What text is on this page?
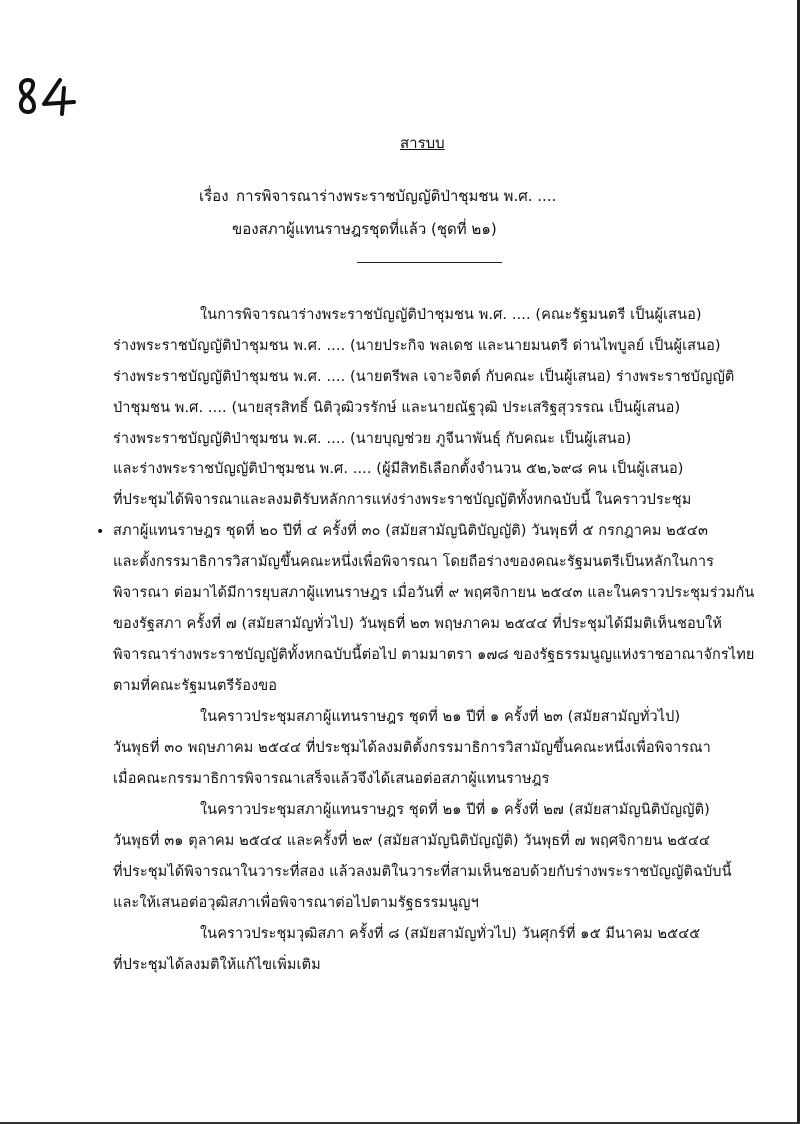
สารบบ
เรื่อง การพิจารณาร่างพระราชบัญญัติป่าชุมชน พ.ศ. ....
ของสภาผู้แทนราษฎรชุดที่แล้ว (ชุดที่ ๒๑)
ในการพิจารณาร่างพระราชบัญญัติป่าชุมชน พ.ศ. .... (คณะรัฐมนตรี เป็นผู้เสนอ)
ร่างพระราชบัญญัติป่าชุมชน พ.ศ. .... (นายประกิจ พลเดช และนายมนตรี ด่านไพบูลย์ เป็นผู้เสนอ)
ร่างพระราชบัญญัติป่าชุมชน พ.ศ. .... (นายตรีพล เจาะจิตต์ กับคณะ เป็นผู้เสนอ) ร่างพระราชบัญญัติ
ป่าชุมชน พ.ศ. .... (นายสุรสิทธิ์ นิติวุฒิวรรักษ์ และนายณัฐวุฒิ ประเสริฐสุวรรณ เป็นผู้เสนอ)
ร่างพระราชบัญญัติป่าชุมชน พ.ศ. .... (นายบุญช่วย ภูจีนาพันธุ์ กับคณะ เป็นผู้เสนอ)
และร่างพระราชบัญญัติป่าชุมชน พ.ศ. .... (ผู้มีสิทธิเลือกตั้งจำนวน ๕๒,๖๙๘ คน เป็นผู้เสนอ)
ที่ประชุมได้พิจารณาและลงมติรับหลักการแห่งร่างพระราชบัญญัติทั้งหกฉบับนี้ ในคราวประชุม
• สภาผู้แทนราษฎร ชุดที่ ๒๐ ปีที่ ๔ ครั้งที่ ๓๐ (สมัยสามัญนิติบัญญัติ) วันพุธที่ ๕ กรกฎาคม ๒๕๔๓
และตั้งกรรมาธิการวิสามัญขึ้นคณะหนึ่งเพื่อพิจารณา โดยถือร่างของคณะรัฐมนตรีเป็นหลักในการ
พิจารณา ต่อมาได้มีการยุบสภาผู้แทนราษฎร เมื่อวันที่ ๙ พฤศจิกายน ๒๕๔๓ และในคราวประชุมร่วมกัน
ของรัฐสภา ครั้งที่ ๗ (สมัยสามัญทั่วไป) วันพุธที่ ๒๓ พฤษภาคม ๒๕๔๔ ที่ประชุมได้มีมติเห็นชอบให้
พิจารณาร่างพระราชบัญญัติทั้งหกฉบับนี้ต่อไป ตามมาตรา ๑๗๘ ของรัฐธรรมนูญแห่งราชอาณาจักรไทย
ตามที่คณะรัฐมนตรีร้องขอ
ในคราวประชุมสภาผู้แทนราษฎร ชุดที่ ๒๑ ปีที่ ๑ ครั้งที่ ๒๓ (สมัยสามัญทั่วไป)
วันพุธที่ ๓๐ พฤษภาคม ๒๕๔๔ ที่ประชุมได้ลงมติตั้งกรรมาธิการวิสามัญขึ้นคณะหนึ่งเพื่อพิจารณา
เมื่อคณะกรรมาธิการพิจารณาเสร็จแล้วจึงได้เสนอต่อสภาผู้แทนราษฎร
ในคราวประชุมสภาผู้แทนราษฎร ชุดที่ ๒๑ ปีที่ ๑ ครั้งที่ ๒๗ (สมัยสามัญนิติบัญญัติ)
วันพุธที่ ๓๑ ตุลาคม ๒๕๔๔ และครั้งที่ ๒๙ (สมัยสามัญนิติบัญญัติ) วันพุธที่ ๗ พฤศจิกายน ๒๕๔๔
ที่ประชุมได้พิจารณาในวาระที่สอง แล้วลงมติในวาระที่สามเห็นชอบด้วยกับร่างพระราชบัญญัติฉบับนี้
และให้เสนอต่อวุฒิสภาเพื่อพิจารณาต่อไปตามรัฐธรรมนูญฯ
ในคราวประชุมวุฒิสภา ครั้งที่ ๘ (สมัยสามัญทั่วไป) วันศุกร์ที่ ๑๕ มีนาคม ๒๕๔๕
ที่ประชุมได้ลงมติให้แก้ไขเพิ่มเติม
